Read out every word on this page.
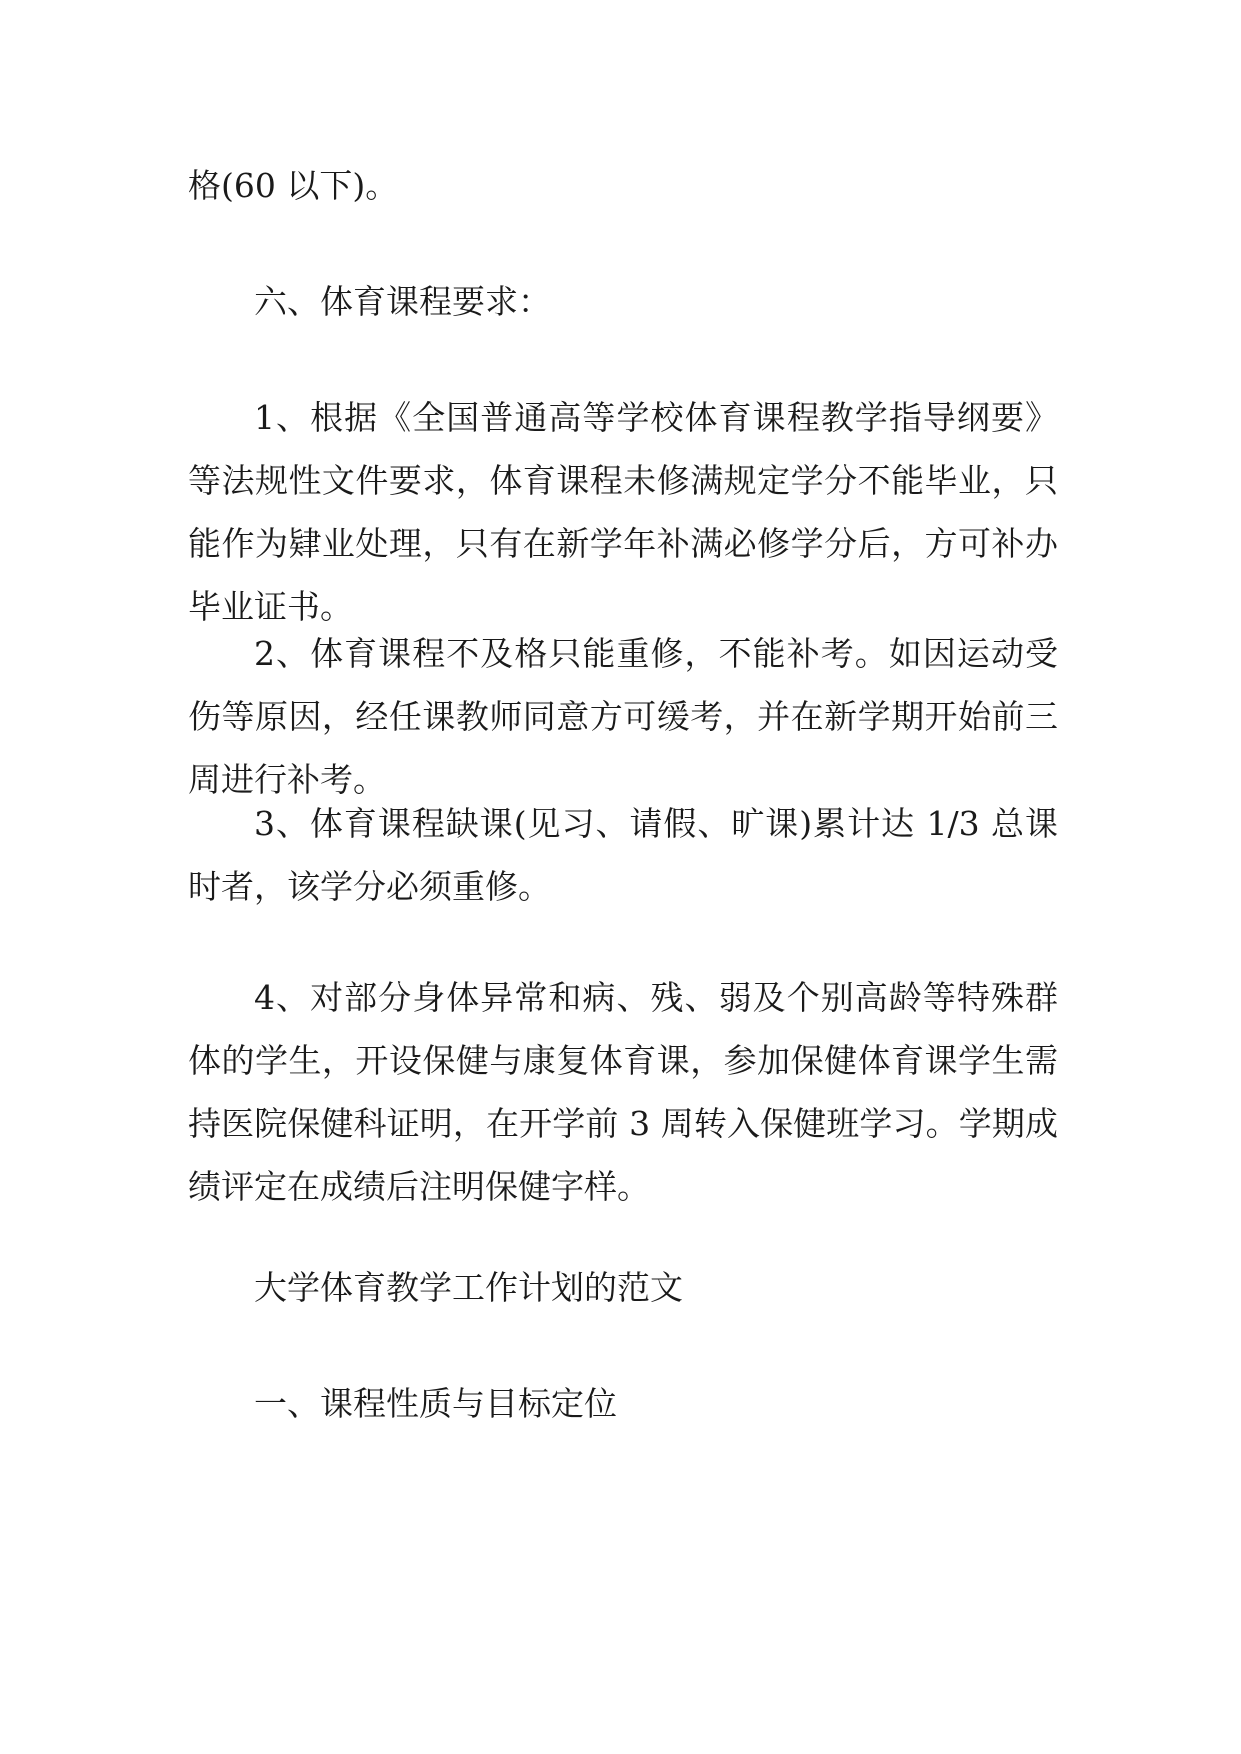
格(60 以下)。

六、体育课程要求：

1、根据《全国普通高等学校体育课程教学指导纲要》等法规性文件要求，体育课程未修满规定学分不能毕业，只能作为肄业处理，只有在新学年补满必修学分后，方可补办毕业证书。

2、体育课程不及格只能重修，不能补考。如因运动受伤等原因，经任课教师同意方可缓考，并在新学期开始前三周进行补考。

3、体育课程缺课(见习、请假、旷课)累计达 1/3 总课时者，该学分必须重修。

4、对部分身体异常和病、残、弱及个别高龄等特殊群体的学生，开设保健与康复体育课，参加保健体育课学生需持医院保健科证明，在开学前 3 周转入保健班学习。学期成绩评定在成绩后注明保健字样。

大学体育教学工作计划的范文

一、课程性质与目标定位
